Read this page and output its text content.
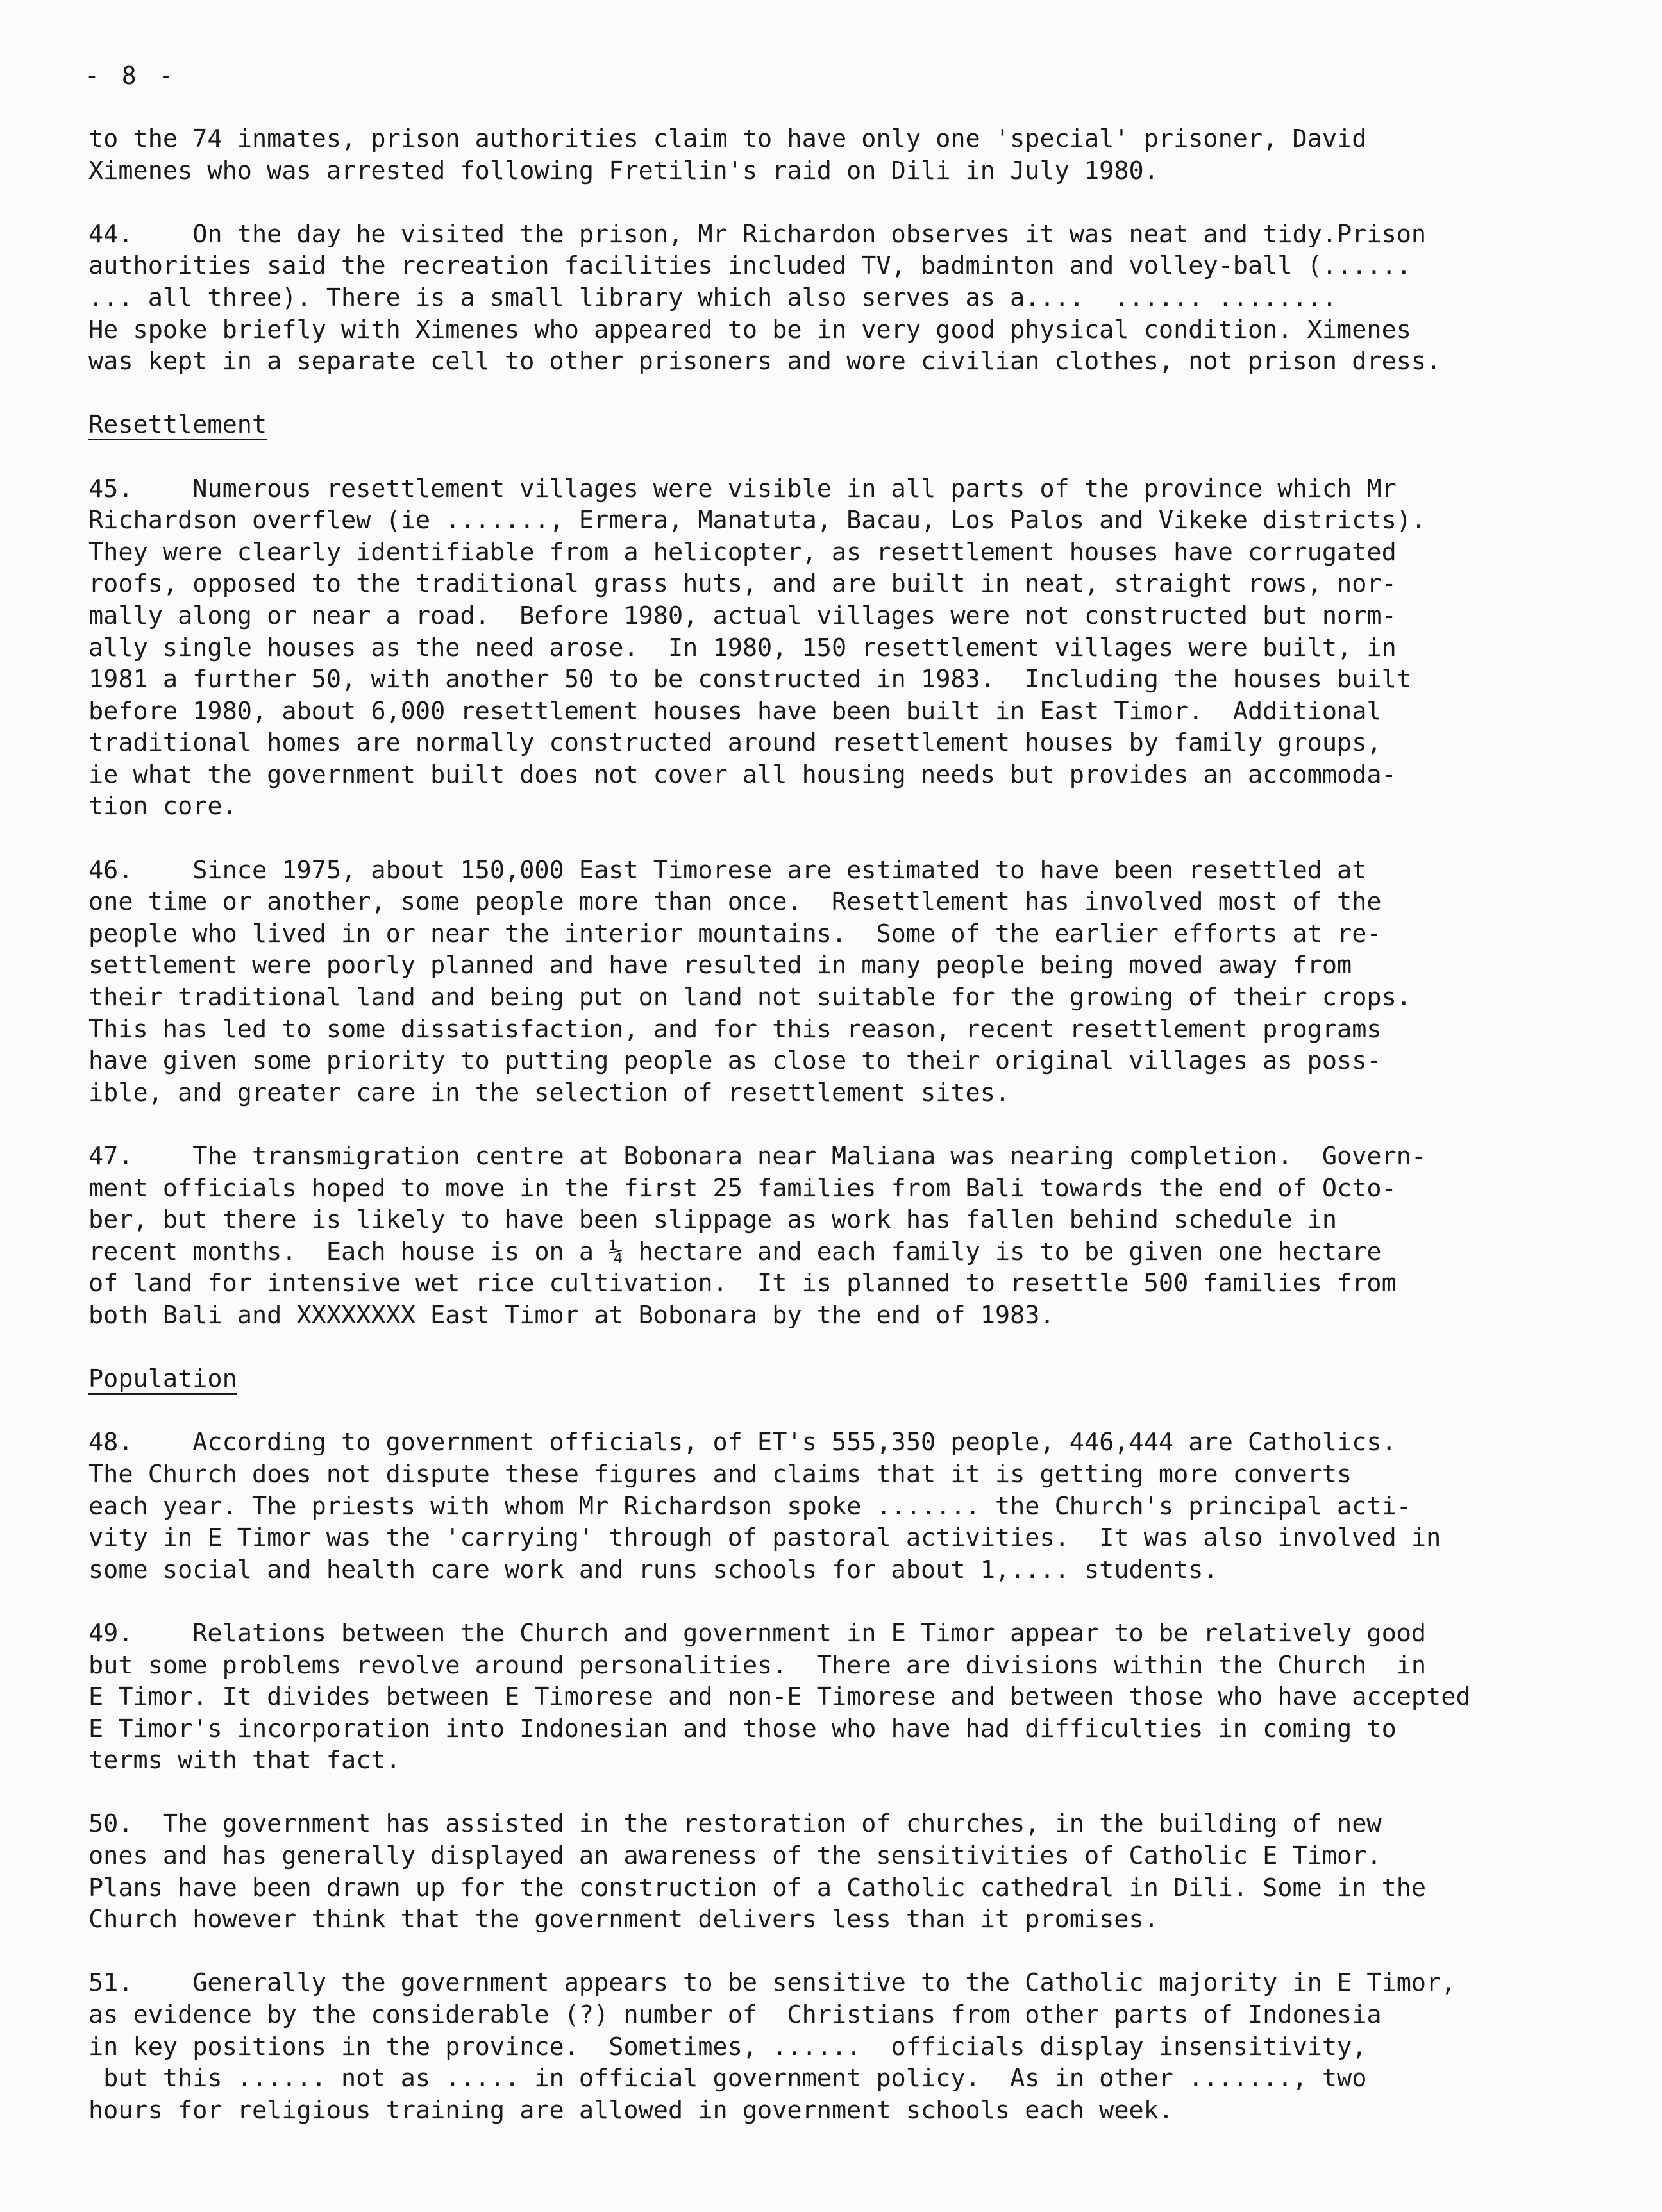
- 8 -

to the 74 inmates, prison authorities claim to have only one 'special' prisoner, David
Ximenes who was arrested following Fretilin's raid on Dili in July 1980.

44.    On the day he visited the prison, Mr Richardon observes it was neat and tidy.Prison
authorities said the recreation facilities included TV, badminton and volley-ball (......
... all three). There is a small library which also serves as a....  ...... ........
He spoke briefly with Ximenes who appeared to be in very good physical condition. Ximenes
was kept in a separate cell to other prisoners and wore civilian clothes, not prison dress.

Resettlement

45.    Numerous resettlement villages were visible in all parts of the province which Mr
Richardson overflew (ie ......., Ermera, Manatuta, Bacau, Los Palos and Vikeke districts).
They were clearly identifiable from a helicopter, as resettlement houses have corrugated
roofs, opposed to the traditional grass huts, and are built in neat, straight rows, nor-
mally along or near a road.  Before 1980, actual villages were not constructed but norm-
ally single houses as the need arose.  In 1980, 150 resettlement villages were built, in
1981 a further 50, with another 50 to be constructed in 1983.  Including the houses built
before 1980, about 6,000 resettlement houses have been built in East Timor.  Additional
traditional homes are normally constructed around resettlement houses by family groups,
ie what the government built does not cover all housing needs but provides an accommoda-
tion core.

46.    Since 1975, about 150,000 East Timorese are estimated to have been resettled at
one time or another, some people more than once.  Resettlement has involved most of the
people who lived in or near the interior mountains.  Some of the earlier efforts at re-
settlement were poorly planned and have resulted in many people being moved away from
their traditional land and being put on land not suitable for the growing of their crops.
This has led to some dissatisfaction, and for this reason, recent resettlement programs
have given some priority to putting people as close to their original villages as poss-
ible, and greater care in the selection of resettlement sites.

47.    The transmigration centre at Bobonara near Maliana was nearing completion.  Govern-
ment officials hoped to move in the first 25 families from Bali towards the end of Octo-
ber, but there is likely to have been slippage as work has fallen behind schedule in
recent months.  Each house is on a ¼ hectare and each family is to be given one hectare
of land for intensive wet rice cultivation.  It is planned to resettle 500 families from
both Bali and XXXXXXXX East Timor at Bobonara by the end of 1983.

Population

48.    According to government officials, of ET's 555,350 people, 446,444 are Catholics.
The Church does not dispute these figures and claims that it is getting more converts
each year. The priests with whom Mr Richardson spoke ....... the Church's principal acti-
vity in E Timor was the 'carrying' through of pastoral activities.  It was also involved in
some social and health care work and runs schools for about 1,.... students.

49.    Relations between the Church and government in E Timor appear to be relatively good
but some problems revolve around personalities.  There are divisions within the Church  in
E Timor. It divides between E Timorese and non-E Timorese and between those who have accepted
E Timor's incorporation into Indonesian and those who have had difficulties in coming to
terms with that fact.

50.  The government has assisted in the restoration of churches, in the building of new
ones and has generally displayed an awareness of the sensitivities of Catholic E Timor.
Plans have been drawn up for the construction of a Catholic cathedral in Dili. Some in the
Church however think that the government delivers less than it promises.

51.    Generally the government appears to be sensitive to the Catholic majority in E Timor,
as evidence by the considerable (?) number of  Christians from other parts of Indonesia
in key positions in the province.  Sometimes, ......  officials display insensitivity,
but this ...... not as ..... in official government policy.  As in other ......., two
hours for religious training are allowed in government schools each week.
